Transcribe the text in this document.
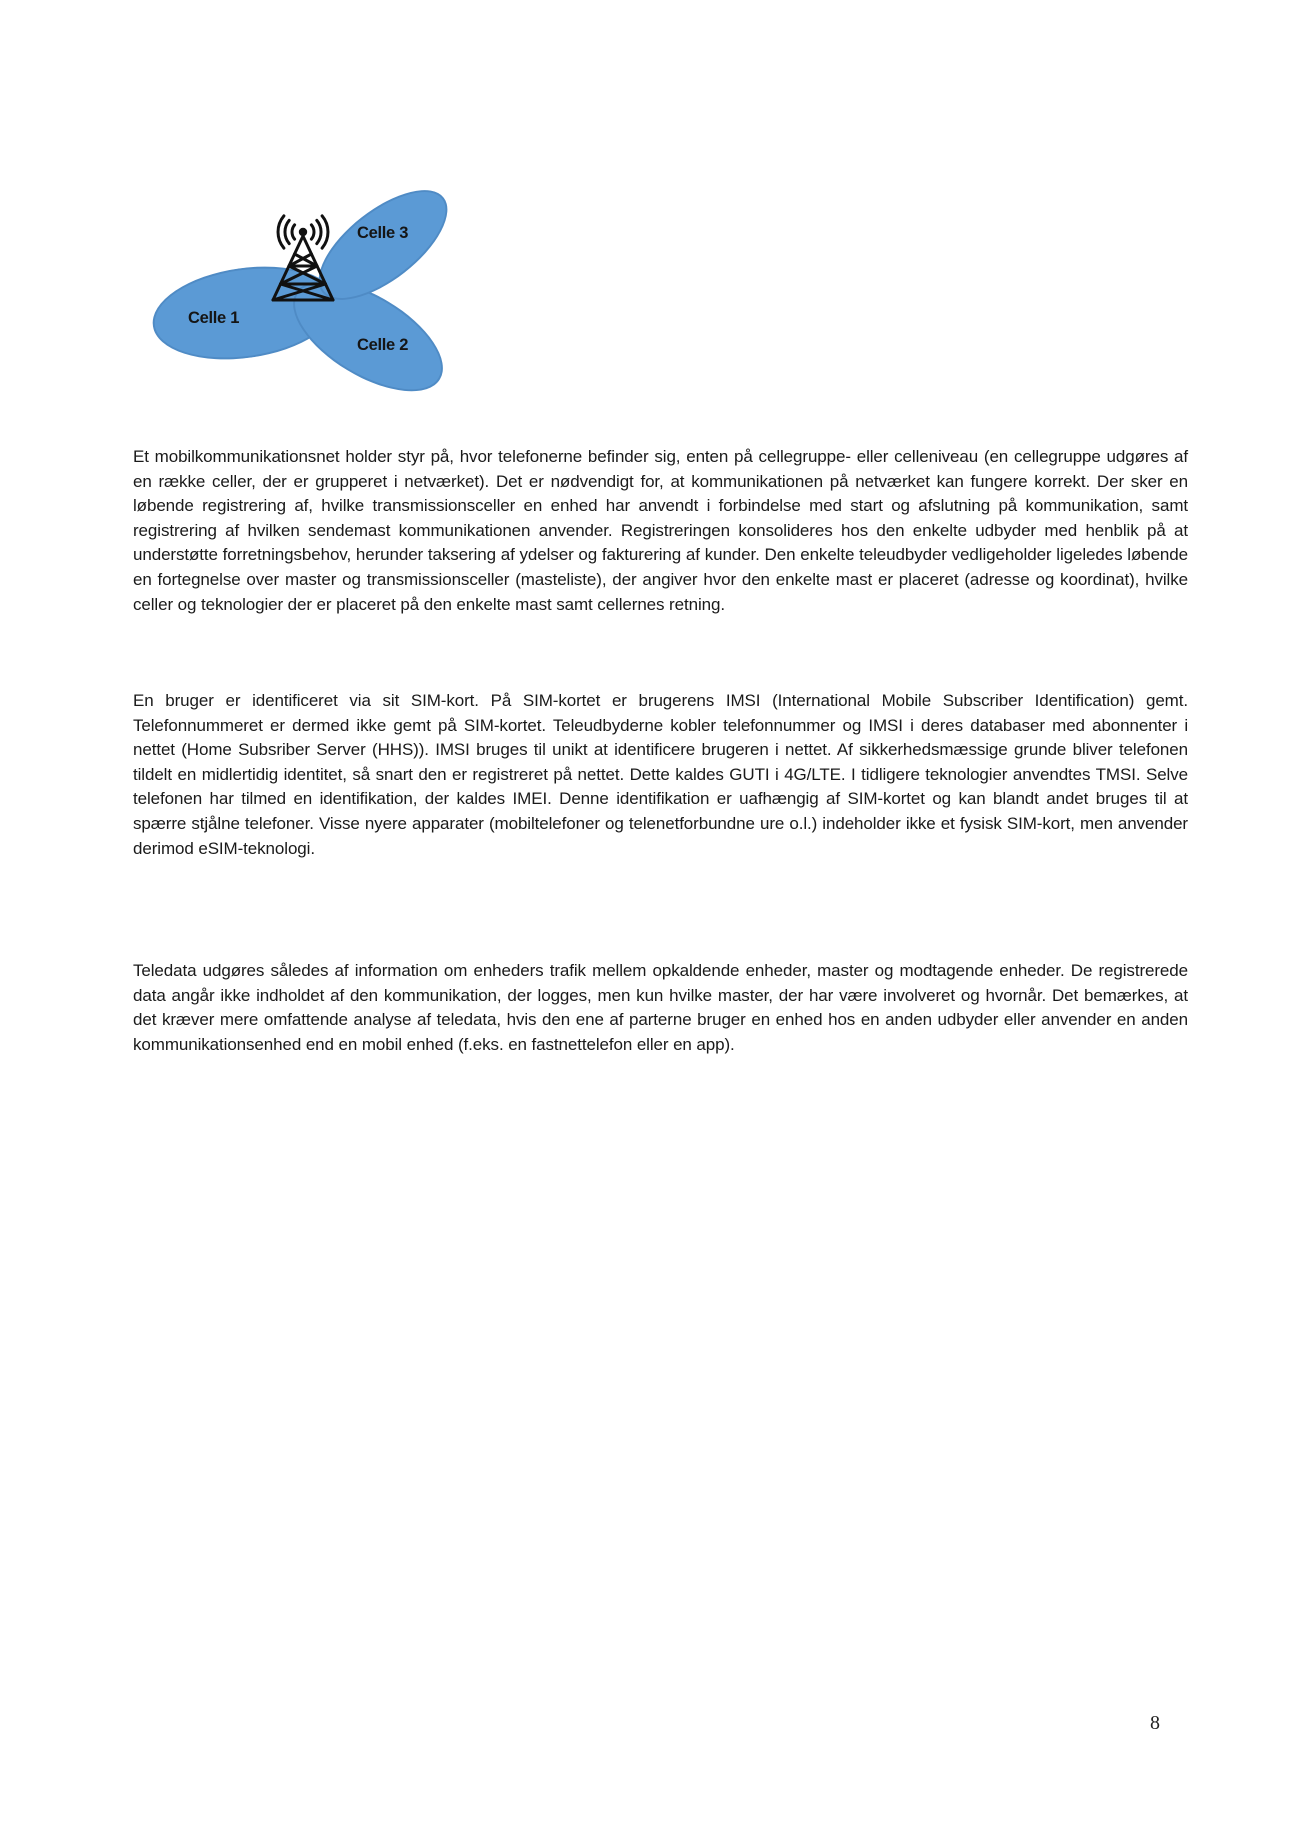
Celle 1
Celle 2
Celle 3

Et mobilkommunikationsnet holder styr på, hvor telefonerne befinder sig, enten på cellegruppe- eller celleniveau (en cellegruppe udgøres af en række celler, der er grupperet i netværket). Det er nødvendigt for, at kommunikationen på netværket kan fungere korrekt. Der sker en løbende registrering af, hvilke transmissionsceller en enhed har anvendt i forbindelse med start og afslutning på kommunikation, samt registrering af hvilken sendemast kommunikationen anvender. Registreringen konsolideres hos den enkelte udbyder med henblik på at understøtte forretningsbehov, herunder taksering af ydelser og fakturering af kunder. Den enkelte teleudbyder vedligeholder ligeledes løbende en fortegnelse over master og transmissionsceller (masteliste), der angiver hvor den enkelte mast er placeret (adresse og koordinat), hvilke celler og teknologier der er placeret på den enkelte mast samt cellernes retning.

En bruger er identificeret via sit SIM-kort. På SIM-kortet er brugerens IMSI (International Mobile Subscriber Identification) gemt. Telefonnummeret er dermed ikke gemt på SIM-kortet. Teleudbyderne kobler telefonnummer og IMSI i deres databaser med abonnenter i nettet (Home Subsriber Server (HHS)). IMSI bruges til unikt at identificere brugeren i nettet. Af sikkerhedsmæssige grunde bliver telefonen tildelt en midlertidig identitet, så snart den er registreret på nettet. Dette kaldes GUTI i 4G/LTE. I tidligere teknologier anvendtes TMSI. Selve telefonen har tilmed en identifikation, der kaldes IMEI. Denne identifikation er uafhængig af SIM-kortet og kan blandt andet bruges til at spærre stjålne telefoner. Visse nyere apparater (mobiltelefoner og telenetforbundne ure o.l.) indeholder ikke et fysisk SIM-kort, men anvender derimod eSIM-teknologi.

Teledata udgøres således af information om enheders trafik mellem opkaldende enheder, master og modtagende enheder. De registrerede data angår ikke indholdet af den kommunikation, der logges, men kun hvilke master, der har være involveret og hvornår. Det bemærkes, at det kræver mere omfattende analyse af teledata, hvis den ene af parterne bruger en enhed hos en anden udbyder eller anvender en anden kommunikationsenhed end en mobil enhed (f.eks. en fastnettelefon eller en app).

8
